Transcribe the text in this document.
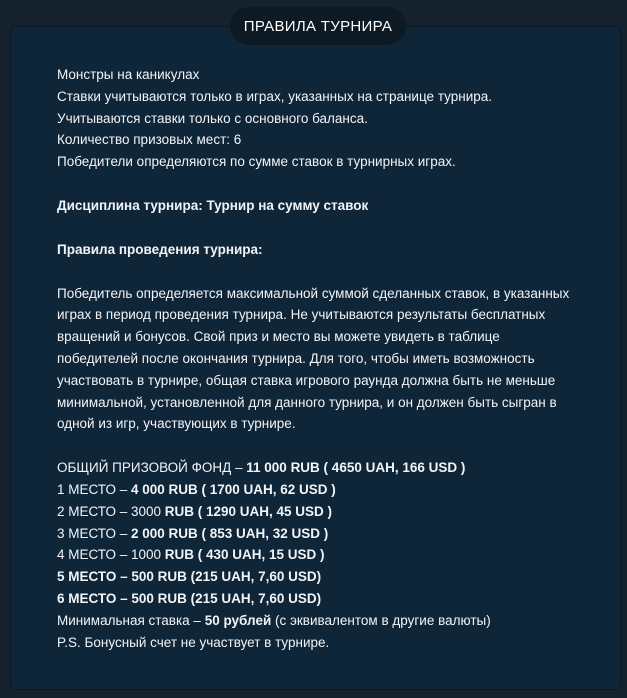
ПРАВИЛА ТУРНИРА
Монстры на каникулах
Ставки учитываются только в играх, указанных на странице турнира.
Учитываются ставки только с основного баланса.
Количество призовых мест: 6
Победители определяются по сумме ставок в турнирных играх.
Дисциплина турнира: Турнир на сумму ставок
Правила проведения турнира:
Победитель определяется максимальной суммой сделанных ставок, в указанных
играх в период проведения турнира. Не учитываются результаты бесплатных
вращений и бонусов. Свой приз и место вы можете увидеть в таблице
победителей после окончания турнира. Для того, чтобы иметь возможность
участвовать в турнире, общая ставка игрового раунда должна быть не меньше
минимальной, установленной для данного турнира, и он должен быть сыгран в
одной из игр, участвующих в турнире.
ОБЩИЙ ПРИЗОВОЙ ФОНД – 11 000 RUB ( 4650 UAH, 166 USD )
1 МЕСТО – 4 000 RUB ( 1700 UAH, 62 USD )
2 МЕСТО – 3000 RUB ( 1290 UAH, 45 USD )
3 МЕСТО – 2 000 RUB ( 853 UAH, 32 USD )
4 МЕСТО – 1000 RUB ( 430 UAH, 15 USD )
5 МЕСТО – 500 RUB (215 UAH, 7,60 USD)
6 МЕСТО – 500 RUB (215 UAH, 7,60 USD)
Минимальная ставка – 50 рублей (с эквивалентом в другие валюты)
P.S. Бонусный счет не участвует в турнире.
